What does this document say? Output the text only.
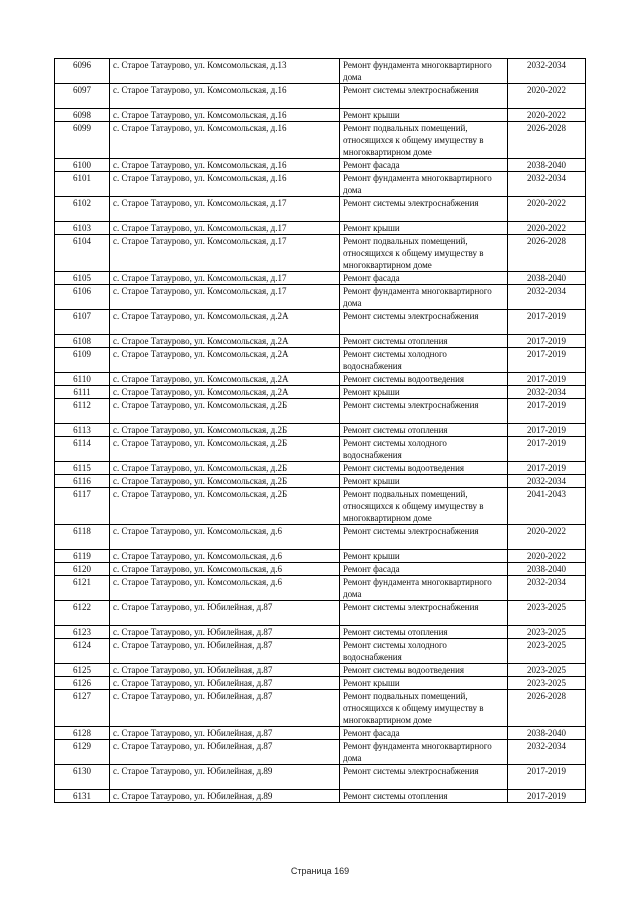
6096	с. Старое Татаурово, ул. Комсомольская, д.13	Ремонт фундамента многоквартирного дома	2032-2034
6097	с. Старое Татаурово, ул. Комсомольская, д.16	Ремонт системы электроснабжения	2020-2022
6098	с. Старое Татаурово, ул. Комсомольская, д.16	Ремонт крыши	2020-2022
6099	с. Старое Татаурово, ул. Комсомольская, д.16	Ремонт подвальных помещений, относящихся к общему имуществу в многоквартирном доме	2026-2028
6100	с. Старое Татаурово, ул. Комсомольская, д.16	Ремонт фасада	2038-2040
6101	с. Старое Татаурово, ул. Комсомольская, д.16	Ремонт фундамента многоквартирного дома	2032-2034
6102	с. Старое Татаурово, ул. Комсомольская, д.17	Ремонт системы электроснабжения	2020-2022
6103	с. Старое Татаурово, ул. Комсомольская, д.17	Ремонт крыши	2020-2022
6104	с. Старое Татаурово, ул. Комсомольская, д.17	Ремонт подвальных помещений, относящихся к общему имуществу в многоквартирном доме	2026-2028
6105	с. Старое Татаурово, ул. Комсомольская, д.17	Ремонт фасада	2038-2040
6106	с. Старое Татаурово, ул. Комсомольская, д.17	Ремонт фундамента многоквартирного дома	2032-2034
6107	с. Старое Татаурово, ул. Комсомольская, д.2А	Ремонт системы электроснабжения	2017-2019
6108	с. Старое Татаурово, ул. Комсомольская, д.2А	Ремонт системы отопления	2017-2019
6109	с. Старое Татаурово, ул. Комсомольская, д.2А	Ремонт системы холодного водоснабжения	2017-2019
6110	с. Старое Татаурово, ул. Комсомольская, д.2А	Ремонт системы водоотведения	2017-2019
6111	с. Старое Татаурово, ул. Комсомольская, д.2А	Ремонт крыши	2032-2034
6112	с. Старое Татаурово, ул. Комсомольская, д.2Б	Ремонт системы электроснабжения	2017-2019
6113	с. Старое Татаурово, ул. Комсомольская, д.2Б	Ремонт системы отопления	2017-2019
6114	с. Старое Татаурово, ул. Комсомольская, д.2Б	Ремонт системы холодного водоснабжения	2017-2019
6115	с. Старое Татаурово, ул. Комсомольская, д.2Б	Ремонт системы водоотведения	2017-2019
6116	с. Старое Татаурово, ул. Комсомольская, д.2Б	Ремонт крыши	2032-2034
6117	с. Старое Татаурово, ул. Комсомольская, д.2Б	Ремонт подвальных помещений, относящихся к общему имуществу в многоквартирном доме	2041-2043
6118	с. Старое Татаурово, ул. Комсомольская, д.6	Ремонт системы электроснабжения	2020-2022
6119	с. Старое Татаурово, ул. Комсомольская, д.6	Ремонт крыши	2020-2022
6120	с. Старое Татаурово, ул. Комсомольская, д.6	Ремонт фасада	2038-2040
6121	с. Старое Татаурово, ул. Комсомольская, д.6	Ремонт фундамента многоквартирного дома	2032-2034
6122	с. Старое Татаурово, ул. Юбилейная, д.87	Ремонт системы электроснабжения	2023-2025
6123	с. Старое Татаурово, ул. Юбилейная, д.87	Ремонт системы отопления	2023-2025
6124	с. Старое Татаурово, ул. Юбилейная, д.87	Ремонт системы холодного водоснабжения	2023-2025
6125	с. Старое Татаурово, ул. Юбилейная, д.87	Ремонт системы водоотведения	2023-2025
6126	с. Старое Татаурово, ул. Юбилейная, д.87	Ремонт крыши	2023-2025
6127	с. Старое Татаурово, ул. Юбилейная, д.87	Ремонт подвальных помещений, относящихся к общему имуществу в многоквартирном доме	2026-2028
6128	с. Старое Татаурово, ул. Юбилейная, д.87	Ремонт фасада	2038-2040
6129	с. Старое Татаурово, ул. Юбилейная, д.87	Ремонт фундамента многоквартирного дома	2032-2034
6130	с. Старое Татаурово, ул. Юбилейная, д.89	Ремонт системы электроснабжения	2017-2019
6131	с. Старое Татаурово, ул. Юбилейная, д.89	Ремонт системы отопления	2017-2019
Страница 169
